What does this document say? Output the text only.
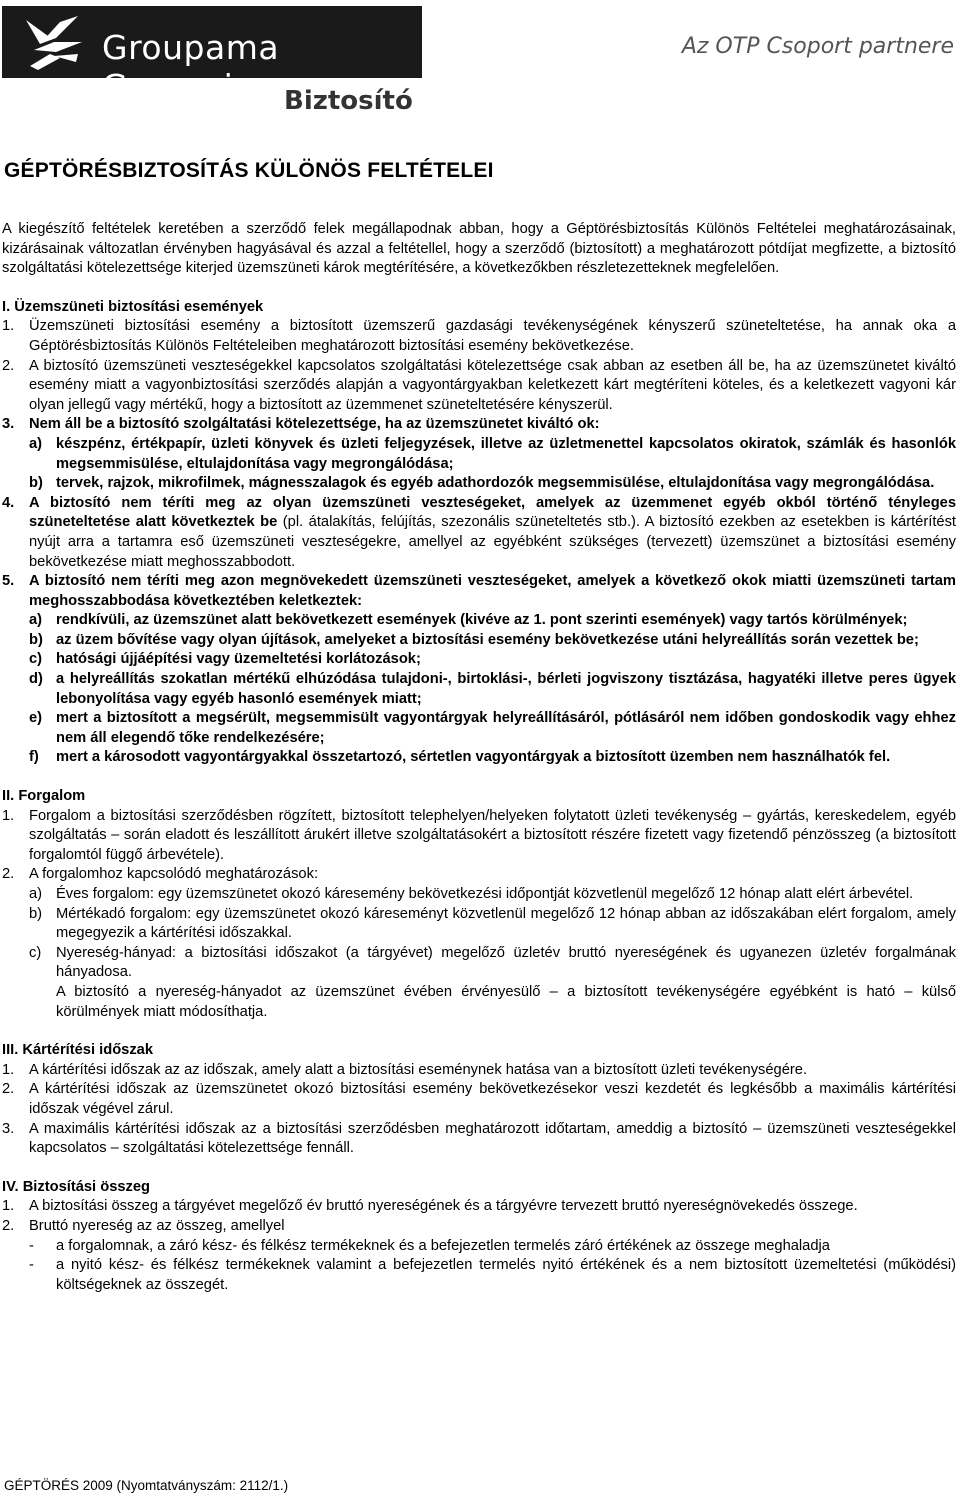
Groupama Garancia
Az OTP Csoport partnere
Biztosító
GÉPTÖRÉSBIZTOSÍTÁS KÜLÖNÖS FELTÉTELEI

A kiegészítő feltételek keretében a szerződő felek megállapodnak abban, hogy a Géptörésbiztosítás Különös Feltételei meghatározásainak, kizárásainak változatlan érvényben hagyásával és azzal a feltétellel, hogy a szerződő (biztosított) a meghatározott pótdíjat megfizette, a biztosító szolgáltatási kötelezettsége kiterjed üzemszüneti károk megtérítésére, a következőkben részletezetteknek megfelelően.

I. Üzemszüneti biztosítási események

1.	Üzemszüneti biztosítási esemény a biztosított üzemszerű gazdasági tevékenységének kényszerű szüneteltetése, ha annak oka a Géptörésbiztosítás Különös Feltételeiben meghatározott biztosítási esemény bekövetkezése.
2.	A biztosító üzemszüneti veszteségekkel kapcsolatos szolgáltatási kötelezettsége csak abban az esetben áll be, ha az üzemszünetet kiváltó esemény miatt a vagyonbiztosítási szerződés alapján a vagyontárgyakban keletkezett kárt megtéríteni köteles, és a keletkezett vagyoni kár olyan jellegű vagy mértékű, hogy a biztosított az üzemmenet szüneteltetésére kényszerül.
3.	Nem áll be a biztosító szolgáltatási kötelezettsége, ha az üzemszünetet kiváltó ok:
a) készpénz, értékpapír, üzleti könyvek és üzleti feljegyzések, illetve az üzletmenettel kapcsolatos okiratok, számlák és hasonlók megsemmisülése, eltulajdonítása vagy megrongálódása;
b) tervek, rajzok, mikrofilmek, mágnesszalagok és egyéb adathordozók megsemmisülése, eltulajdonítása vagy megrongálódása.
4.	A biztosító nem téríti meg az olyan üzemszüneti veszteségeket, amelyek az üzemmenet egyéb okból történő tényleges szüneteltetése alatt következtek be (pl. átalakítás, felújítás, szezonális szüneteltetés stb.). A biztosító ezekben az esetekben is kártérítést nyújt arra a tartamra eső üzemszüneti veszteségekre, amellyel az egyébként szükséges (tervezett) üzemszünet a biztosítási esemény bekövetkezése miatt meghosszabbodott.
5.	A biztosító nem téríti meg azon megnövekedett üzemszüneti veszteségeket, amelyek a következő okok miatti üzemszüneti tartam meghosszabbodása következtében keletkeztek:
a) rendkívüli, az üzemszünet alatt bekövetkezett események (kivéve az 1. pont szerinti események) vagy tartós körülmények;
b) az üzem bővítése vagy olyan újítások, amelyeket a biztosítási esemény bekövetkezése utáni helyreállítás során vezettek be;
c) hatósági újjáépítési vagy üzemeltetési korlátozások;
d) a helyreállítás szokatlan mértékű elhúzódása tulajdoni-, birtoklási-, bérleti jogviszony tisztázása, hagyatéki illetve peres ügyek lebonyolítása vagy egyéb hasonló események miatt;
e) mert a biztosított a megsérült, megsemmisült vagyontárgyak helyreállításáról, pótlásáról nem időben gondoskodik vagy ehhez nem áll elegendő tőke rendelkezésére;
f)	mert a károsodott vagyontárgyakkal összetartozó, sértetlen vagyontárgyak a biztosított üzemben nem használhatók fel.

II. Forgalom

1.	Forgalom a biztosítási szerződésben rögzített, biztosított telephelyen/helyeken folytatott üzleti tevékenység – gyártás, kereskedelem, egyéb szolgáltatás – során eladott és leszállított árukért illetve szolgáltatásokért a biztosított részére fizetett vagy fizetendő pénzösszeg (a biztosított forgalomtól függő árbevétele).
2.	A forgalomhoz kapcsolódó meghatározások:
a) Éves forgalom: egy üzemszünetet okozó káresemény bekövetkezési időpontját közvetlenül megelőző 12 hónap alatt elért árbevétel.
b) Mértékadó forgalom: egy üzemszünetet okozó káreseményt közvetlenül megelőző 12 hónap abban az időszakában elért forgalom, amely megegyezik a kártérítési időszakkal.
c)	Nyereség-hányad: a biztosítási időszakot (a tárgyévet) megelőző üzletév bruttó nyereségének és ugyanezen üzletév forgalmának hányadosa.

A biztosító a nyereség-hányadot az üzemszünet évében érvényesülő – a biztosított tevékenységére egyébként is ható – külső körülmények miatt módosíthatja.

III. Kártérítési időszak

1.	A kártérítési időszak az az időszak, amely alatt a biztosítási eseménynek hatása van a biztosított üzleti tevékenységére.
2.	A kártérítési időszak az üzemszünetet okozó biztosítási esemény bekövetkezésekor veszi kezdetét és legkésőbb a maximális kártérítési időszak végével zárul.
3.	A maximális kártérítési időszak az a biztosítási szerződésben meghatározott időtartam, ameddig a biztosító – üzemszüneti veszteségekkel kapcsolatos – szolgáltatási kötelezettsége fennáll.

IV. Biztosítási összeg

1.	A biztosítási összeg a tárgyévet megelőző év bruttó nyereségének és a tárgyévre tervezett bruttó nyereségnövekedés összege.
2.	Bruttó nyereség az az összeg, amellyel
-	a forgalomnak, a záró kész- és félkész termékeknek és a befejezetlen termelés záró értékének az összege meghaladja
-	a nyitó kész- és félkész termékeknek valamint a befejezetlen termelés nyitó értékének és a nem biztosított üzemeltetési (működési) költségeknek az összegét.
GÉPTÖRÉS 2009 (Nyomtatványszám: 2112/1.)
